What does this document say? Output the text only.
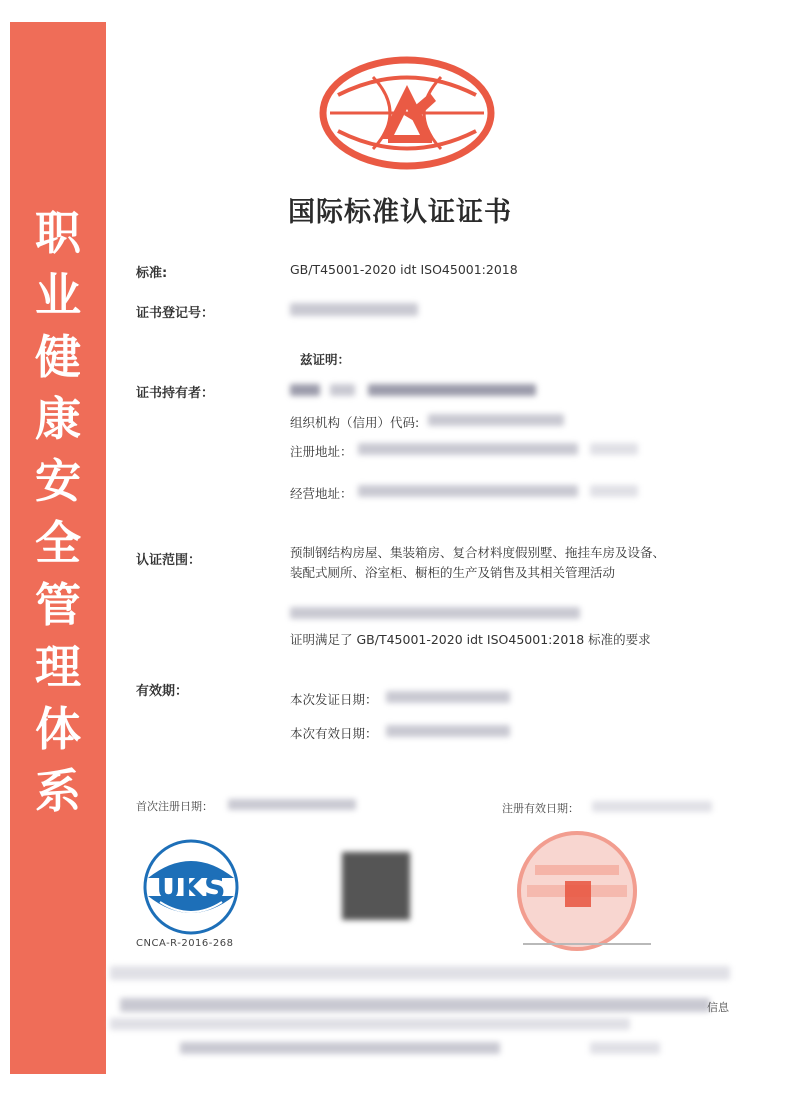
职
业
健
康
安
全
管
理
体
系
国际标准认证证书
标准:	GB/T45001-2020 idt ISO45001:2018
证书登记号：
兹证明：
证书持有者：
组织机构（信用）代码:
注册地址：
经营地址：
认证范围：
预制钢结构房屋、集装箱房、复合材料度假别墅、拖挂车房及设备、
装配式厕所、浴室柜、橱柜的生产及销售及其相关管理活动
证明满足了 GB/T45001-2020 idt ISO45001:2018 标准的要求
有效期：
本次发证日期：
本次有效日期：
首次注册日期：	注册有效日期：
UKS
CNCA-R-2016-268
信息
